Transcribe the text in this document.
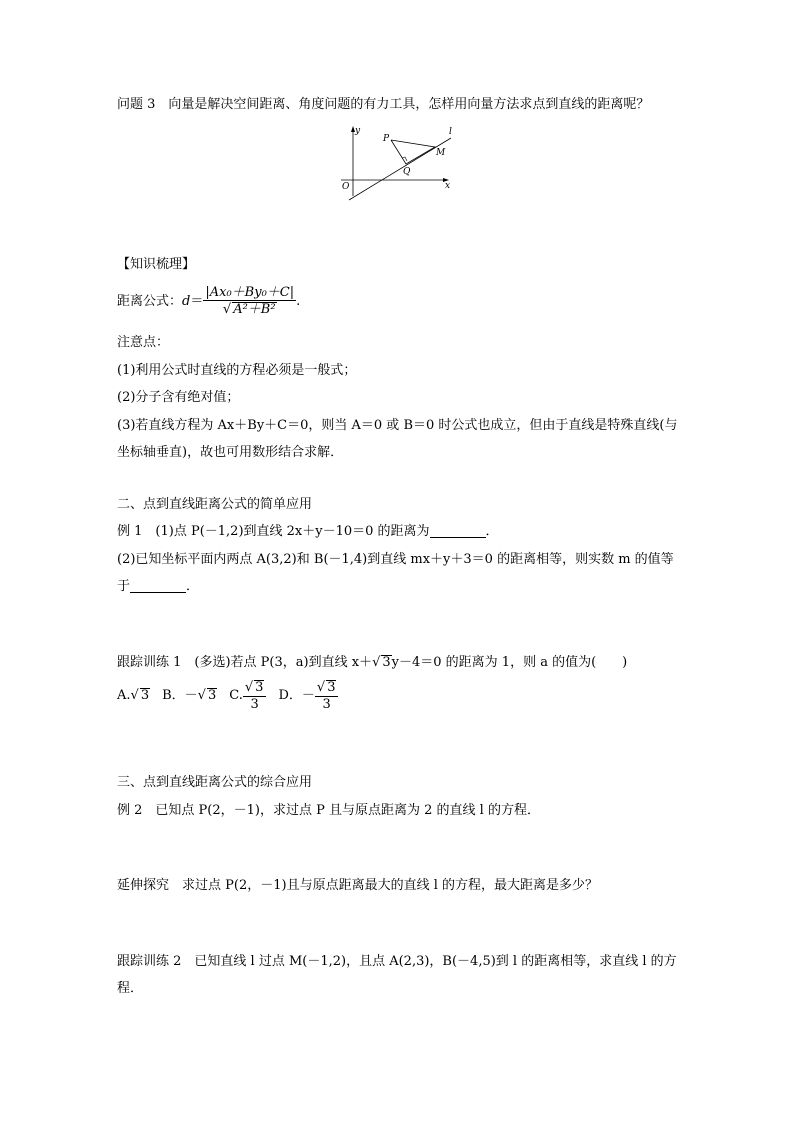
问题 3　 向量是解决空间距离、角度问题的有力工具，怎样用向量方法求点到直线的距离呢？
y
x
O
P
Q
M
l
【知识梳理】
距离公式：$d= \frac{\text{|Ax₀＋By₀＋C|}}{\text{√ A²＋B²}}$ .
注意点：
(1)利用公式时直线的方程必须是一般式；
(2)分子含有绝对值；
(3)若直线方程为 Ax＋By＋C＝0，则当 A＝0 或 B＝0 时公式也成立，但由于直线是特殊直线(与
坐标轴垂直)，故也可用数形结合求解．
二、点到直线距离公式的简单应用
例 1　(1)点 P(－1,2)到直线 2x＋y－10＝0 的距离为	．
(2)已知坐标平面内两点 A(3,2)和 B(－1,4)到直线 mx＋y＋3＝0 的距离相等，则实数 m 的值等
于	．
跟踪训练 1　(多选)若点 P(3，a)到直线 x＋√ 3y－4＝0 的距离为 1，则 a 的值为(　　)
A.√ 3 B．－√ 3 C. $\frac{√ 3}{3}$ D．－ $\frac{√ 3}{3}$
三、点到直线距离公式的综合应用
例 2　已知点 P(2，－1)，求过点 P 且与原点距离为 2 的直线 l 的方程．
延伸探究　求过点 P(2，－1)且与原点距离最大的直线 l 的方程，最大距离是多少？
跟踪训练 2　已知直线 l 过点 M(－1,2)，且点 A(2,3)，B(－4,5)到 l 的距离相等，求直线 l 的方
程．
